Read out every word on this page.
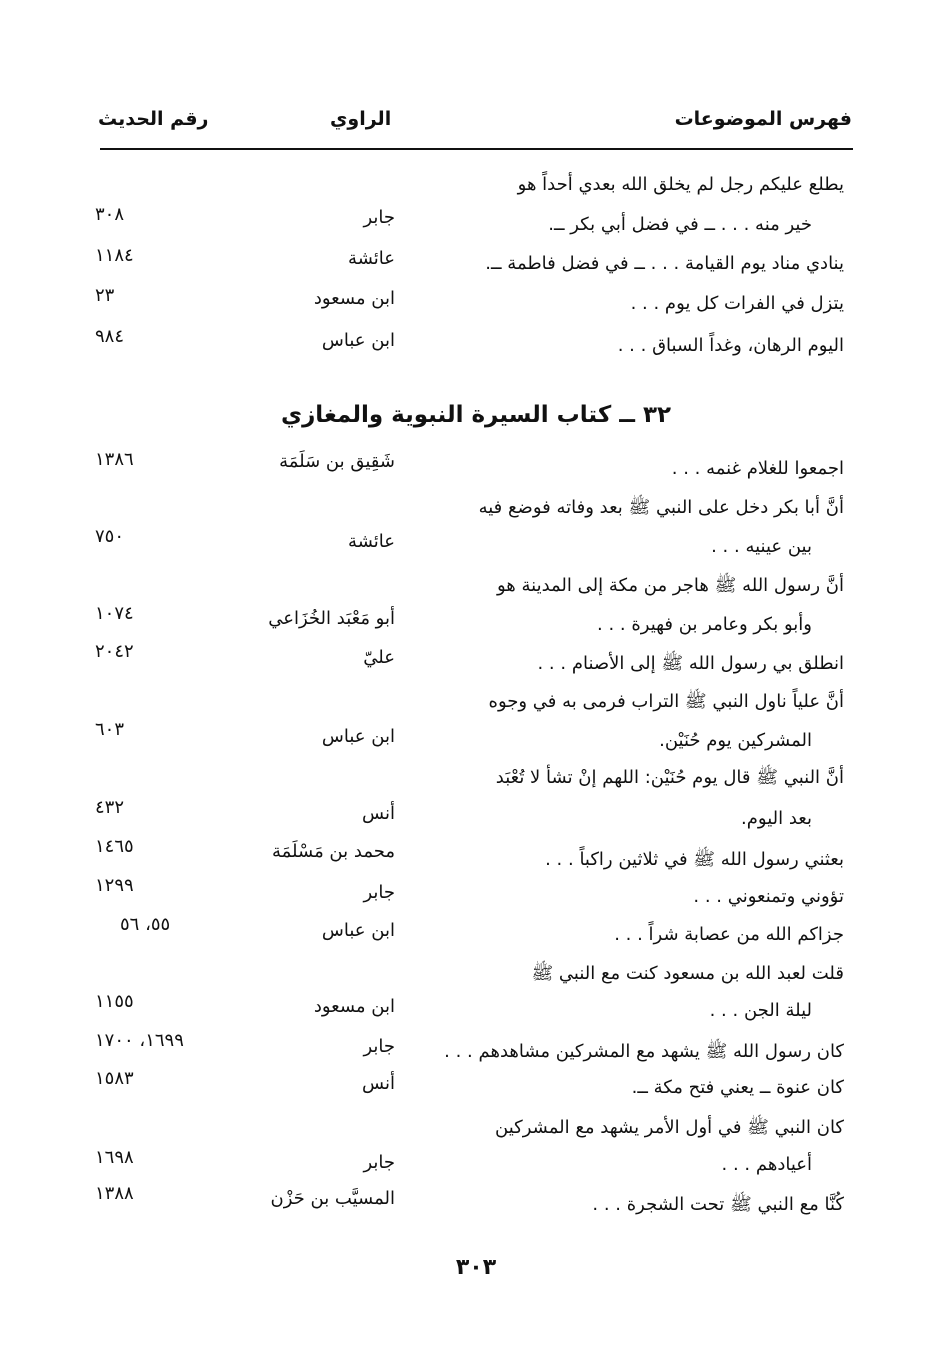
فهرس الموضوعات
الراوي
رقم الحديث
يطلع عليكم رجل لم يخلق الله بعدي أحداً هو
خير منه . . . ــ في فضل أبي بكر ــ.
جابر
٣٠٨
ينادي مناد يوم القيامة . . . ــ في فضل فاطمة ــ.
عائشة
١١٨٤
يتزل في الفرات كل يوم . . .
ابن مسعود
٢٣
اليوم الرهان، وغداً السباق . . .
ابن عباس
٩٨٤
٣٢ ــ كتاب السيرة النبوية والمغازي
اجمعوا للغلام غنمه . . .
شَقِيق بن سَلَمَة
١٣٨٦
أنَّ أبا بكر دخل على النبي ﷺ بعد وفاته فوضع فيه
بين عينيه . . .
عائشة
٧٥٠
أنَّ رسول الله ﷺ هاجر من مكة إلى المدينة هو
وأبو بكر وعامر بن فهيرة . . .
أبو مَعْبَد الخُزَاعي
١٠٧٤
انطلق بي رسول الله ﷺ إلى الأصنام . . .
عليّ
٢٠٤٢
أنَّ علياً ناول النبي ﷺ التراب فرمى به في وجوه
المشركين يوم حُنَيْن.
ابن عباس
٦٠٣
أنَّ النبي ﷺ قال يوم حُنَيْن: اللهم إنْ تشأ لا تُعْبَد
بعد اليوم.
أنس
٤٣٢
بعثني رسول الله ﷺ في ثلاثين راكباً . . .
محمد بن مَسْلَمَة
١٤٦٥
تؤوني وتمنعوني . . .
جابر
١٢٩٩
جزاكم الله من عصابة شراً . . .
ابن عباس
٥٥، ٥٦
قلت لعبد الله بن مسعود كنت مع النبي ﷺ
ليلة الجن . . .
ابن مسعود
١١٥٥
كان رسول الله ﷺ يشهد مع المشركين مشاهدهم . . .
جابر
١٦٩٩، ١٧٠٠
كان عنوة ــ يعني فتح مكة ــ.
أنس
١٥٨٣
كان النبي ﷺ في أول الأمر يشهد مع المشركين
أعيادهم . . .
جابر
١٦٩٨
كُنَّا مع النبي ﷺ تحت الشجرة . . .
المسيَّب بن حَزْن
١٣٨٨
٣٠٣
